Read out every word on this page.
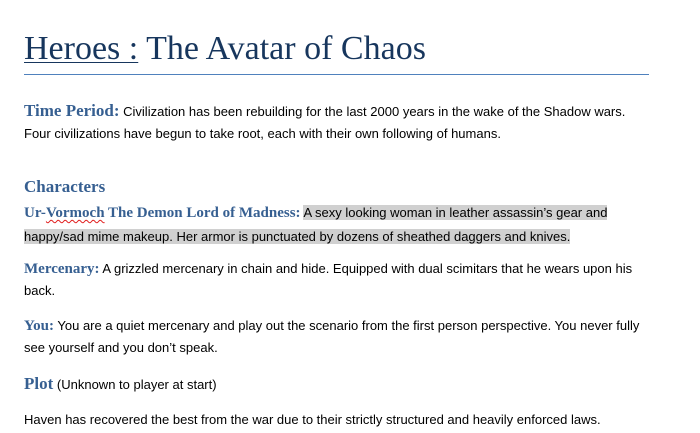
Heroes : The Avatar of Chaos

Time Period: Civilization has been rebuilding for the last 2000 years in the wake of the Shadow wars. Four civilizations have begun to take root, each with their own following of humans.

Characters

Ur-Vormoch The Demon Lord of Madness: A sexy looking woman in leather assassin’s gear and happy/sad mime makeup. Her armor is punctuated by dozens of sheathed daggers and knives.

Mercenary: A grizzled mercenary in chain and hide. Equipped with dual scimitars that he wears upon his back.

You: You are a quiet mercenary and play out the scenario from the first person perspective. You never fully see yourself and you don’t speak.

Plot (Unknown to player at start)

Haven has recovered the best from the war due to their strictly structured and heavily enforced laws.
